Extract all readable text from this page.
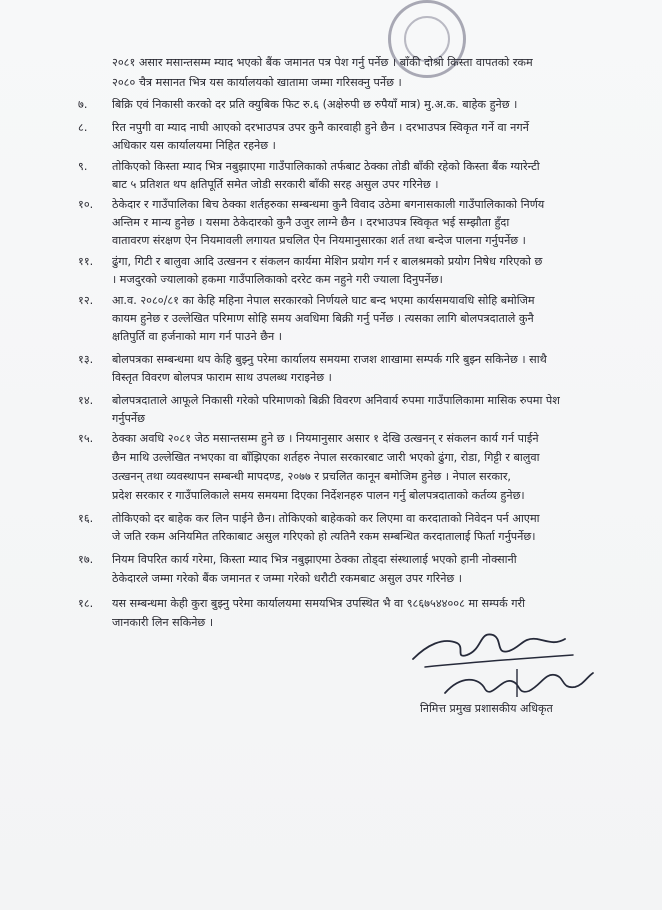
२०८१ असार मसान्तसम्म म्याद भएको बैंक जमानत पत्र पेश गर्नु पर्नेछ । बाँकी दोश्रो किस्ता वापतको रकम
२०८० चैत्र मसानत भित्र यस कार्यालयको खातामा जम्मा गरिसक्नु पर्नेछ ।
७. बिक्रि एवं निकासी करको दर प्रति क्युबिक फिट रु.६ (अक्षेरुपी छ रुपैयाँ मात्र) मु.अ.क. बाहेक हुनेछ ।
८. रित नपुगी वा म्याद नाघी आएको दरभाउपत्र उपर कुनै कारवाही हुने छैन । दरभाउपत्र स्विकृत गर्ने वा नगर्ने
अधिकार यस कार्यालयमा निहित रहनेछ ।
९. तोकिएको किस्ता म्याद भित्र नबुझाएमा गाउँपालिकाको तर्फबाट ठेक्का तोडी बाँकी रहेको किस्ता बैंक ग्यारेन्टी
बाट ५ प्रतिशत थप क्षतिपूर्ति समेत जोडी सरकारी बाँकी सरह असुल उपर गरिनेछ ।
१०. ठेकेदार र गाउँपालिका बिच ठेक्का शर्तहरुका सम्बन्धमा कुनै विवाद उठेमा बगनासकाली गाउँपालिकाको निर्णय
अन्तिम र मान्य हुनेछ । यसमा ठेकेदारको कुनै उजुर लाग्ने छैन । दरभाउपत्र स्विकृत भई सम्झौता हुँदा
वातावरण संरक्षण ऐन नियमावली लगायत प्रचलित ऐन नियमानुसारका शर्त तथा बन्देज पालना गर्नुपर्नेछ ।
११. ढुंगा, गिटी र बालुवा आदि उत्खनन र संकलन कार्यमा मेशिन प्रयोग गर्न र बालश्रमको प्रयोग निषेध गरिएको छ
। मजदुरको ज्यालाको हकमा गाउँपालिकाको दररेट कम नहुने गरी ज्याला दिनुपर्नेछ।
१२. आ.व. २०८०/८१ का केहि महिना नेपाल सरकारको निर्णयले घाट बन्द भएमा कार्यसमयावधि सोहि बमोजिम
कायम हुनेछ र उल्लेखित परिमाण सोहि समय अवधिमा बिक्री गर्नु पर्नेछ । त्यसका लागि बोलपत्रदाताले कुनै
क्षतिपुर्ति वा हर्जनाको माग गर्न पाउने छैन ।
१३. बोलपत्रका सम्बन्धमा थप केहि बुझ्नु परेमा कार्यालय समयमा राजश शाखामा सम्पर्क गरि बुझ्न सकिनेछ । साथै
विस्तृत विवरण बोलपत्र फाराम साथ उपलब्ध गराइनेछ ।
१४. बोलपत्रदाताले आफूले निकासी गरेको परिमाणको बिक्री विवरण अनिवार्य रुपमा गाउँपालिकामा मासिक रुपमा पेश
गर्नुपर्नेछ
१५. ठेक्का अवधि २०८१ जेठ मसान्तसम्म हुने छ । नियमानुसार असार १ देखि उत्खनन् र संकलन कार्य गर्न पाईने
छैन माथि उल्लेखित नभएका वा बाँझिएका शर्तहरु नेपाल सरकारबाट जारी भएको ढुंगा, रोडा, गिट्टी र बालुवा
उत्खनन् तथा व्यवस्थापन सम्बन्धी मापदण्ड, २०७७ र प्रचलित कानून बमोजिम हुनेछ । नेपाल सरकार,
प्रदेश सरकार र गाउँपालिकाले समय समयमा दिएका निर्देशनहरु पालन गर्नु बोलपत्रदाताको कर्तव्य हुनेछ।
१६. तोकिएको दर बाहेक कर लिन पाईने छैन। तोकिएको बाहेकको कर लिएमा वा करदाताको निवेदन पर्न आएमा
जे जति रकम अनियमित तरिकाबाट असुल गरिएको हो त्यतिनै रकम सम्बन्धित करदातालाई फिर्ता गर्नुपर्नेछ।
१७. नियम विपरित कार्य गरेमा, किस्ता म्याद भित्र नबुझाएमा ठेक्का तोड्दा संस्थालाई भएको हानी नोक्सानी
ठेकेदारले जम्मा गरेको बैंक जमानत र जम्मा गरेको धरौटी रकमबाट असुल उपर गरिनेछ ।
१८. यस सम्बन्धमा केही कुरा बुझ्नु परेमा कार्यालयमा समयभित्र उपस्थित भै वा ९८६७५४४००८ मा सम्पर्क गरी
जानकारी लिन सकिनेछ ।
निमित्त प्रमुख प्रशासकीय अधिकृत
